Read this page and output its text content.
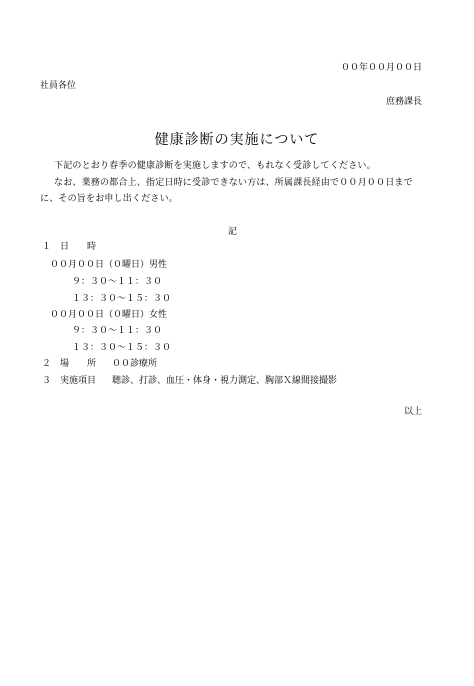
００年００月００日
社員各位
庶務課長
健康診断の実施について
下記のとおり春季の健康診断を実施しますので、もれなく受診してください。
なお、業務の都合上、指定日時に受診できない方は、所属課長経由で００月００日まで
に、その旨をお申し出ください。
記
１ 日　　時
００月００日（０曜日）男性
９：３０～１１：３０
１３：３０～１５：３０
００月００日（０曜日）女性
９：３０～１１：３０
１３：３０～１５：３０
２ 場　　所 ００診療所
３ 実施項目 聴診、打診、血圧・体身・視力測定、胸部Ｘ線間接撮影
以上
